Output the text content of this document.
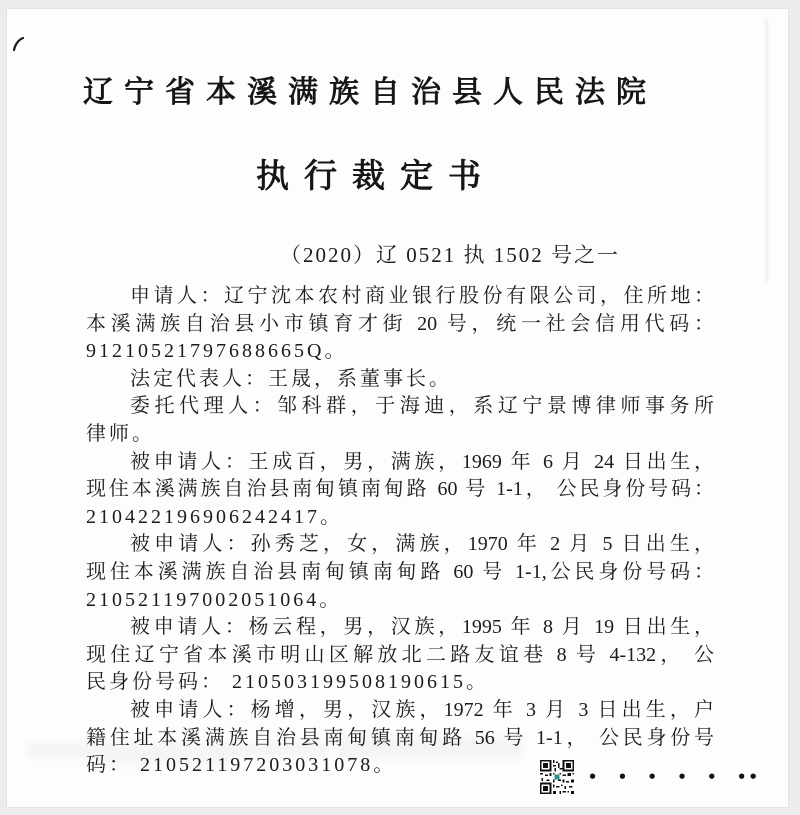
辽宁省本溪满族自治县人民法院
执行裁定书
（2020）辽 0521 执 1502 号之一
申请人：辽宁沈本农村商业银行股份有限公司，住所地：
本溪满族自治县小市镇育才街 20 号，统一社会信用代码：
91210521797688665Q。
法定代表人：王晟，系董事长。
委托代理人：邹科群，于海迪，系辽宁景博律师事务所
律师。
被申请人：王成百，男，满族，1969 年 6 月 24 日出生，
现住本溪满族自治县南甸镇南甸路 60 号 1-1， 公民身份号码：
210422196906242417。
被申请人：孙秀芝，女，满族，1970 年 2 月 5 日出生，
现住本溪满族自治县南甸镇南甸路 60 号 1-1,公民身份号码：
210521197002051064。
被申请人：杨云程，男，汉族，1995 年 8 月 19 日出生，
现住辽宁省本溪市明山区解放北二路友谊巷 8 号 4-132， 公
民身份号码： 210503199508190615。
被申请人：杨增，男，汉族，1972 年 3 月 3 日出生，户
籍住址本溪满族自治县南甸镇南甸路 56 号 1-1， 公民身份号
码： 210521197203031078。
• • • • • ••
